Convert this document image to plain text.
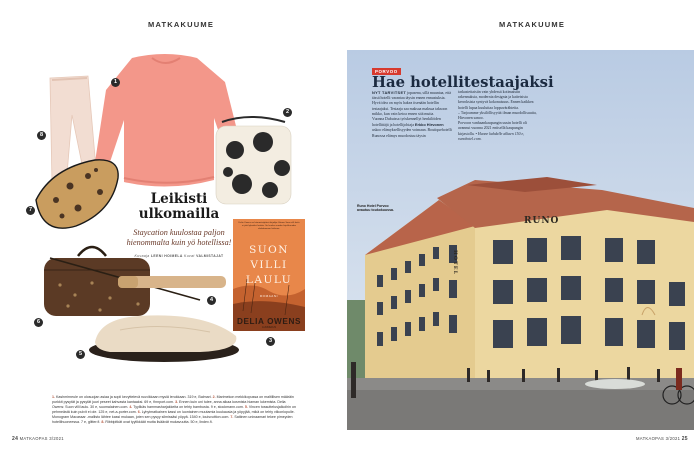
MATKAKUUME
1
2
3
4
5
6
7
8
Leikisti ulkomailla
Staycation kuulostaa paljon hienommalta kuin yö hotellissa!
Kuvaaja LEENI HOIMELA Kuvat VALMISTAJAT
Delia Owens on hämmästyttävä kirjailija. Hänen Suon villi laulu ei jätä kylmäksi ketään. Se kuuluu vuoden kirjallisuuden ehdottomaan kärkeen.
SUON
VILLI
LAULU
ROMAANI
DELIA OWENS
GUMMERUS
1. Kashmirneule on olosuojan asiaa ja sopii kevyttelevä ruuvikkaan mysiä lerukkaan. 319 e, Balmari. 2. Marimekon mekkikopussa on maltillisen määräin purkkit pysytät ja pysytät juuri peseet kahvasta kantaaksi. 69 e, finnport.com. 3. Ennen kuin uni tulee, anna aikaa kosmista hiaman lukemista. Delia Owens: Suon villi laulu. 30 e, suomalainen.com. 4. Tyylikäs hammasharjakkeita on tehty bambusta. 9 e, stockmann.com. 5. Vincen tossuttelusjalkoihin on pehmeästä kuin pulvit ei ole. 125 e, net-a-porter.com. 6. Lyhytmatkainen kassi on luontainen muutamia kuukausia ja yöpyjää, mikä on tehty viikonlopulle. Monogram Macassar -mallisto lähtee kassi mukaan, joten sen pysyy silmissäsi yöpyä. 1540 e, louisvuitton.com. 7. Satiinen uninaamari tekee pimeyden hotellihuoneessa. 7 e, glitter.fi. 8. Ribbipitkät ovat tyylikkäät mutta lisäävät mukavuutta. 50 e, lindex.fi.
24 MATKAOPAS 3/2021
MATKAKUUME
RUNO
HOTEL
PORVOO
Hae hotellitestaajaksi
NYT TARVITSET jopasena, sillä muuntaa, että tässä hotelli varantaa täysin ennen ennustuksia. Hyvä idea on myös hakea itsenään hotellin testaajaksi. Testaaja saa maksaa maksua taksoon mikko, kun vain ketoa ennen sitä mutta.
Vuonna Dubuissa työskennellyt henkilöiden hotellittäjä ja hotellijohtaja Erkko Hirvonen uskoo elämyksellisyyden voimaan. Boutiquehotelli Runossa elämys muodostuu täysin
tarkastettaisiin vain yhdessä kotimaisiin rakennuksia, modernia designia ja kaiteisista kerroksista syntyvä kokonaisuus. Ennen kaikkea hotelli lupaa kuuluttaa loppuvärähteita.
– Tarjoamme yksilöllisyyttä ilman muodollisuutta, Hirvonen sanoo.
Porvoon vanhaankaupungin uusin hotelli oli avannut vuonna 2021 entisellä kaupungin kirjastolla. • Huone kahdelle alkaen 150 e, runohotel.com.
Runo Hotel Porvoo avautuu toukokuussa.
MATKAOPAS 3/2021 25
